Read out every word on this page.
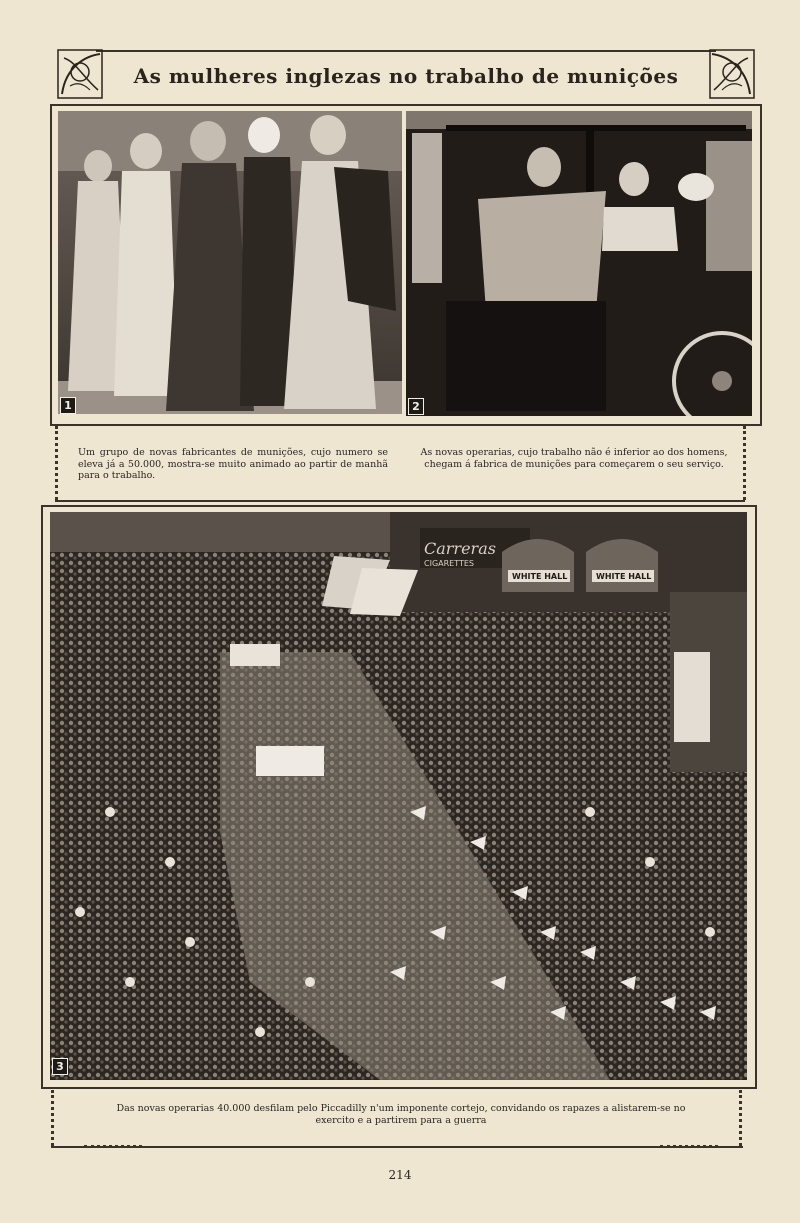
As mulheres inglezas no trabalho de munições
1	2
Um grupo de novas fabricantes de munições, cujo numero se eleva já a 50.000, mostra-se muito animado ao partir de manhã para o trabalho.
As novas operarias, cujo trabalho não é inferior ao dos homens, chegam á fabrica de munições para começarem o seu serviço.
Carreras
CIGARETTES
WHITE HALL	WHITE HALL
3
Das novas operarias 40.000 desfilam pelo Piccadilly n'um imponente cortejo, convidando os rapazes a alistarem-se no exercito e a partirem para a guerra
214
